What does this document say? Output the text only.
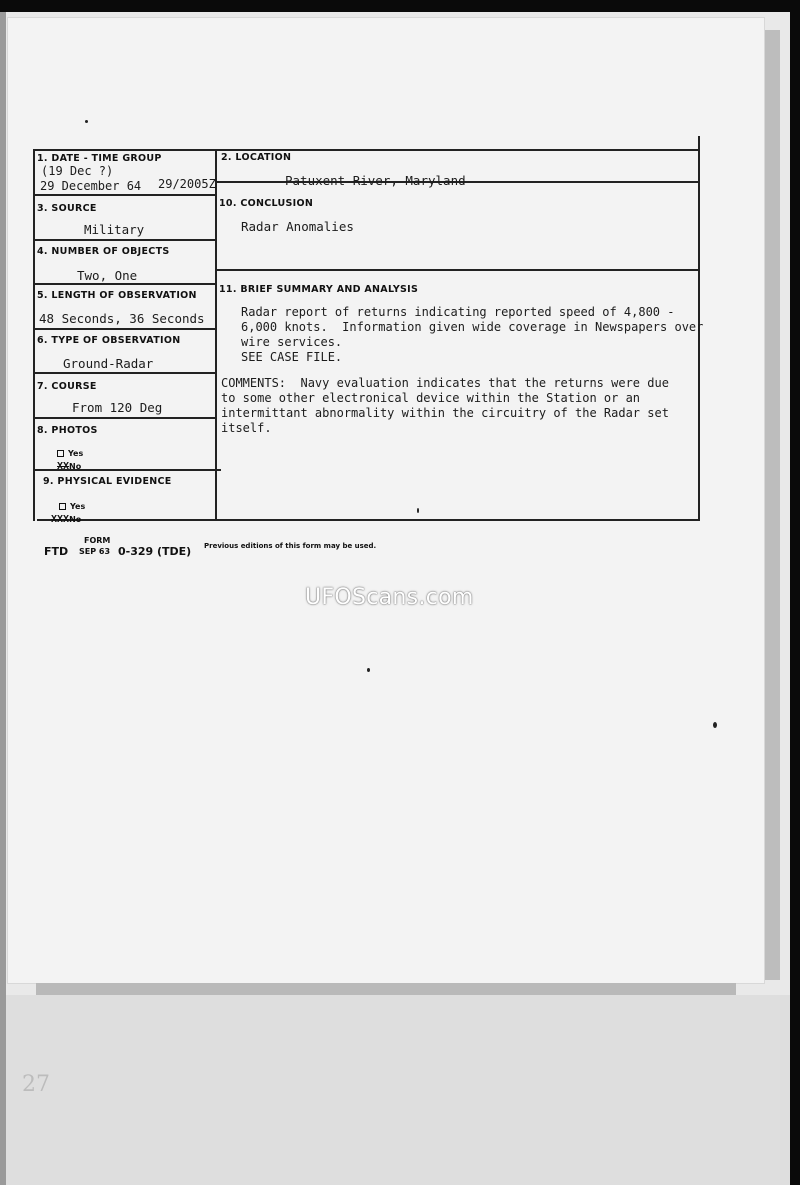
1. DATE - TIME GROUP
(19 Dec ?)
29 December 64 29/2005Z
2. LOCATION
Patuxent River, Maryland
3. SOURCE
Military
10. CONCLUSION
Radar Anomalies
4. NUMBER OF OBJECTS
Two, One
5. LENGTH OF OBSERVATION
48 Seconds, 36 Seconds
11. BRIEF SUMMARY AND ANALYSIS
Radar report of returns indicating reported speed of 4,800 -
6,000 knots.  Information given wide coverage in Newspapers over
wire services.
SEE CASE FILE.
COMMENTS:  Navy evaluation indicates that the returns were due
to some other electronical device within the Station or an
intermittant abnormality within the circuitry of the Radar set
itself.
6. TYPE OF OBSERVATION
Ground-Radar
7. COURSE
From 120 Deg
8. PHOTOS
Yes
XXNo
9. PHYSICAL EVIDENCE
Yes
XXXNo
FORM
FTD SEP 63 0-329 (TDE) Previous editions of this form may be used.
UFOScans.com
27
